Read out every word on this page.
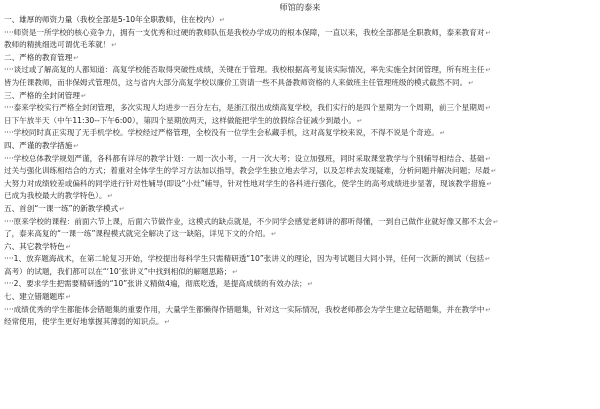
师馆的泰来
一、雄厚的师资力量（我校全部是5-10年全职教师，住在校内）↵
····师资是一所学校的核心竞争力，拥有一支优秀和过硬的教师队伍是我校办学成功的根本保障，一直以来，我校全部都是全职教师，泰来教育对↵
教师的精挑细选可谓优毛苯就！↵
二、严格的教育管理↵
····谈过或了解高复的人都知道：高复学校能否取得突破性成绩，关键在于管理。我校根据高考复读实际情况，率先实施全封闭管理，所有班主任↵
皆为任课教师，而非保姆式管理员，这与省内大部分高复学校以廉价工资请一些不具备教师资格的人来做班主任管理班级的模式截然不同。↵
三、严格的全封闭管理↵
····泰来学校实行严格全封闭管理，多次实现人均进步一百分左右，是浙江很出成绩高复学校，我们实行的是四个星期为一个周期，前三个星期周↵
日下午放半天（中午11:30--下午6:00），第四个星期放两天，这样做能把学生的放假综合征减少到最小。↵
····学校同时真正实现了无手机学校。学校经过严格管理，全校没有一位学生会私藏手机，这对高复学校来说，不得不说是个奇迹。↵
四、严谨的教学措施↵
····学校总体教学规划严谨，各科都有详尽的教学计划：一周一次小考，一月一次大考；设立加强班，同时采取课堂教学与个别辅导相结合、基础↵
过关与强化训练相结合的方式；着重对全体学生的学习方法加以指导，教会学生独立地去学习，以及怎样去发现疑难，分析问题并解决问题；尽最↵
大努力对成绩较差或偏科的同学进行针对性辅导(即设“小灶”辅导，针对性地对学生的各科进行强化，使学生的高考成绩进步显著，现该教学措施↵
已成为我校最大的教学特色）。↵
五、首创“一课一练”的新教学模式↵
····原来学校的课程：前面六节上课，后面六节做作业，这模式的缺点就是，不少同学会感觉老师讲的都听得懂，一到自己做作业就好像又都不太会↵
了，泰来高复的“一课一练”课程模式就完全解决了这一缺陷，详见下文的介绍。↵
六、其它教学特色↵
····1、放弃题海战术，在第二轮复习开始，学校提出每科学生只需精研透“10”张讲义的理论，因为考试题目大同小异，任何一次新的测试（包括↵
高考）的试题，我们都可以在“‘10’张讲义”中找到相似的解题思路；↵
····2、要求学生把需要精研透的“10”张讲义精做4遍，彻底吃透，是提高成绩的有效办法；↵
七、建立错题题库↵
····成绩优秀的学生都能体会错题集的重要作用，大量学生都懒得作错题集，针对这一实际情况，我校老师都会为学生建立起错题集，并在教学中↵
经常使用，使学生更好地掌握其薄弱的知识点。↵
